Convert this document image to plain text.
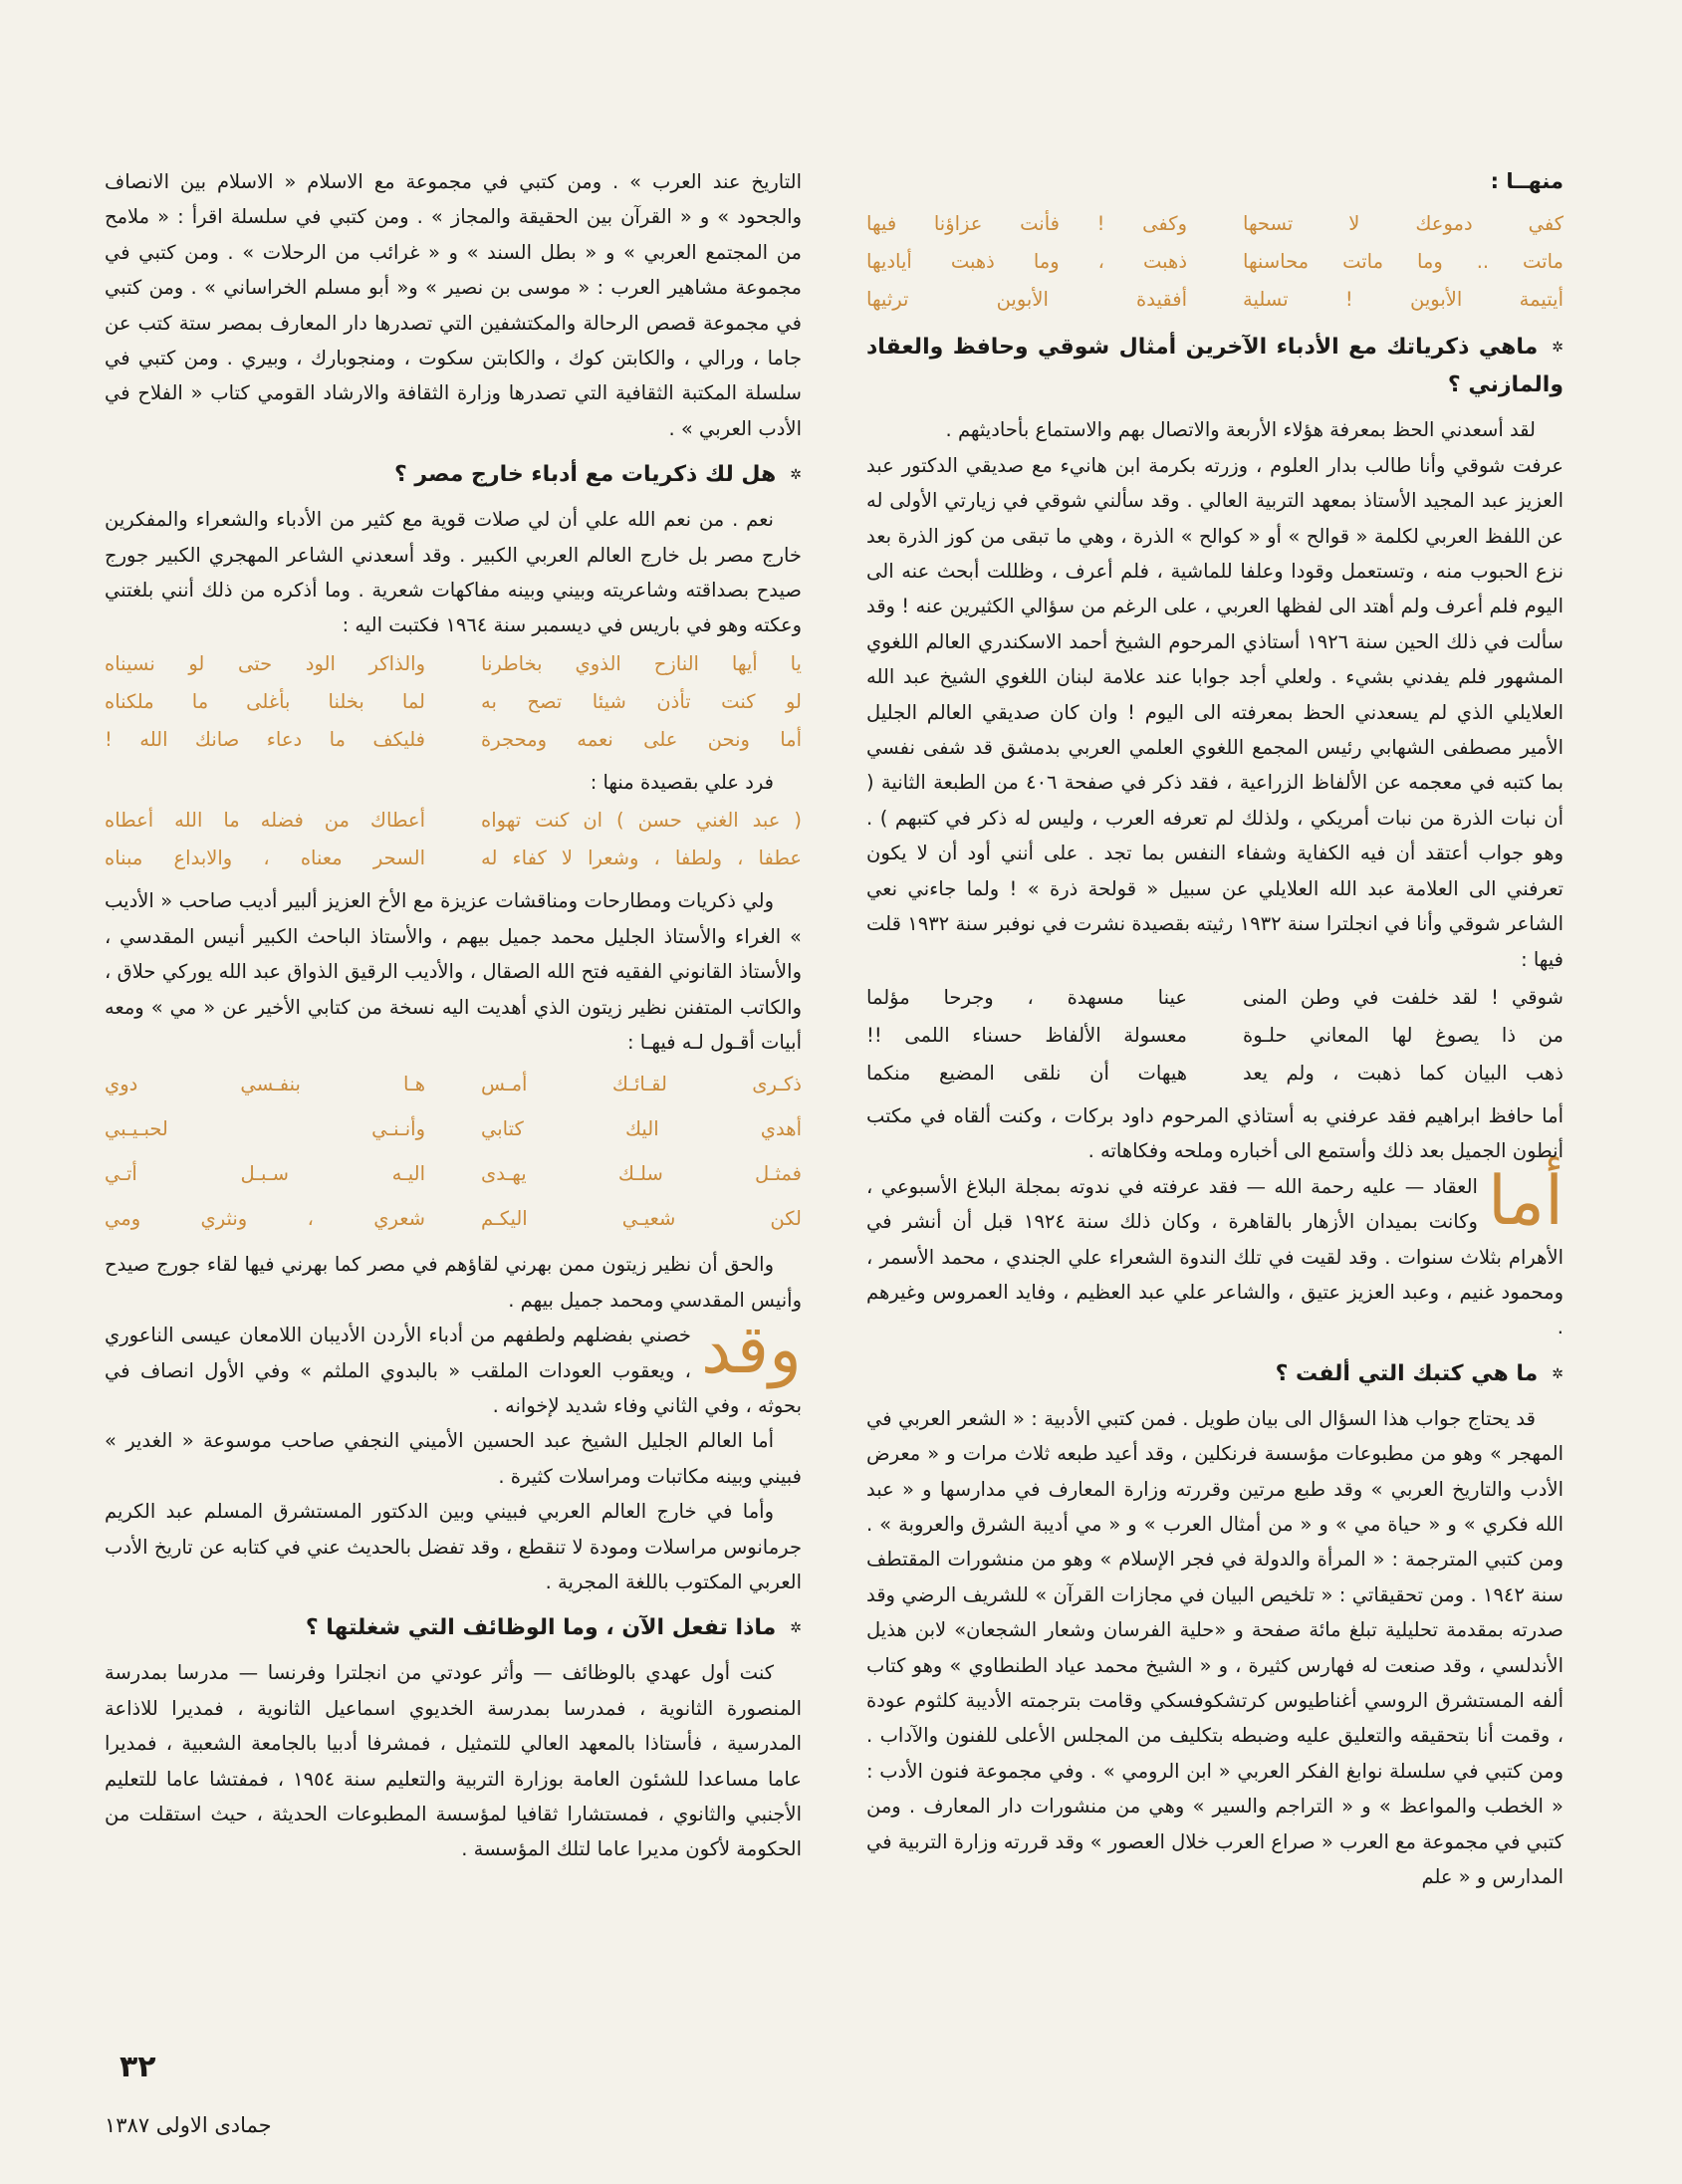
منهــا :
كفي دموعك لا تسحها
وكفى ! فأنت عزاؤنا فيها
ماتت .. وما ماتت محاسنها
ذهبت ، وما ذهبت أياديها
أيتيمة الأبوين ! تسلية
أفقيدة الأبوين ترثيها
✲ماهي ذكرياتك مع الأدباء الآخرين أمثال شوقي وحافظ والعقاد والمازني ؟

لقد أسعدني الحظ بمعرفة هؤلاء الأربعة والاتصال بهم والاستماع بأحاديثهم .

عرفت شوقي وأنا طالب بدار العلوم ، وزرته بكرمة ابن هانيء مع صديقي الدكتور عبد العزيز عبد المجيد الأستاذ بمعهد التربية العالي . وقد سألني شوقي في زيارتي الأولى له عن اللفظ العربي لكلمة « قوالح » أو « كوالح » الذرة ، وهي ما تبقى من كوز الذرة بعد نزع الحبوب منه ، وتستعمل وقودا وعلفا للماشية ، فلم أعرف ، وظللت أبحث عنه الى اليوم فلم أعرف ولم أهتد الى لفظها العربي ، على الرغم من سؤالي الكثيرين عنه ! وقد سألت في ذلك الحين سنة ١٩٢٦ أستاذي المرحوم الشيخ أحمد الاسكندري العالم اللغوي المشهور فلم يفدني بشيء . ولعلي أجد جوابا عند علامة لبنان اللغوي الشيخ عبد الله العلايلي الذي لم يسعدني الحظ بمعرفته الى اليوم ! وان كان صديقي العالم الجليل الأمير مصطفى الشهابي رئيس المجمع اللغوي العلمي العربي بدمشق قد شفى نفسي بما كتبه في معجمه عن الألفاظ الزراعية ، فقد ذكر في صفحة ٤٠٦ من الطبعة الثانية ( أن نبات الذرة من نبات أمريكي ، ولذلك لم تعرفه العرب ، وليس له ذكر في كتبهم ) . وهو جواب أعتقد أن فيه الكفاية وشفاء النفس بما تجد . على أنني أود أن لا يكون تعرفني الى العلامة عبد الله العلايلي عن سبيل « قولحة ذرة » ! ولما جاءني نعي الشاعر شوقي وأنا في انجلترا سنة ١٩٣٢ رثيته بقصيدة نشرت في نوفبر سنة ١٩٣٢ قلت فيها :

شوقي ! لقد خلفت في وطن المنى
عينا مسهدة ، وجرحا مؤلما
من ذا يصوغ لها المعاني حلـوة
معسولة الألفاظ حسناء اللمى !!
ذهب البيان كما ذهبت ، ولم يعد
هيهات أن نلقى المضيع منكما

أما حافظ ابراهيم فقد عرفني به أستاذي المرحوم داود بركات ، وكنت ألقاه في مكتب أنطون الجميل بعد ذلك وأستمع الى أخباره وملحه وفكاهاته .

أما
العقاد — عليه رحمة الله — فقد عرفته في ندوته بمجلة البلاغ الأسبوعي ، وكانت بميدان الأزهار بالقاهرة ، وكان ذلك سنة ١٩٢٤ قبل أن أنشر في الأهرام بثلاث سنوات . وقد لقيت في تلك الندوة الشعراء علي الجندي ، محمد الأسمر ، ومحمود غنيم ، وعبد العزيز عتيق ، والشاعر علي عبد العظيم ، وفايد العمروس وغيرهم .

✲ما هي كتبك التي ألفت ؟

قد يحتاج جواب هذا السؤال الى بيان طويل . فمن كتبي الأدبية : « الشعر العربي في المهجر » وهو من مطبوعات مؤسسة فرنكلين ، وقد أعيد طبعه ثلاث مرات و « معرض الأدب والتاريخ العربي » وقد طبع مرتين وقررته وزارة المعارف في مدارسها و « عبد الله فكري » و « حياة مي » و « من أمثال العرب » و « مي أديبة الشرق والعروبة » . ومن كتبي المترجمة : « المرأة والدولة في فجر الإسلام » وهو من منشورات المقتطف سنة ١٩٤٢ . ومن تحقيقاتي : « تلخيص البيان في مجازات القرآن » للشريف الرضي وقد صدرته بمقدمة تحليلية تبلغ مائة صفحة و «حلية الفرسان وشعار الشجعان» لابن هذيل الأندلسي ، وقد صنعت له فهارس كثيرة ، و « الشيخ محمد عياد الطنطاوي » وهو كتاب ألفه المستشرق الروسي أغناطيوس كرتشكوفسكي وقامت بترجمته الأديبة كلثوم عودة ، وقمت أنا بتحقيقه والتعليق عليه وضبطه بتكليف من المجلس الأعلى للفنون والآداب . ومن كتبي في سلسلة نوابغ الفكر العربي « ابن الرومي » . وفي مجموعة فنون الأدب : « الخطب والمواعظ » و « التراجم والسير » وهي من منشورات دار المعارف . ومن كتبي في مجموعة مع العرب « صراع العرب خلال العصور » وقد قررته وزارة التربية في المدارس و « علم

التاريخ عند العرب » . ومن كتبي في مجموعة مع الاسلام « الاسلام بين الانصاف والجحود » و « القرآن بين الحقيقة والمجاز » . ومن كتبي في سلسلة اقرأ : « ملامح من المجتمع العربي » و « بطل السند » و « غرائب من الرحلات » . ومن كتبي في مجموعة مشاهير العرب : « موسى بن نصير » و« أبو مسلم الخراساني » . ومن كتبي في مجموعة قصص الرحالة والمكتشفين التي تصدرها دار المعارف بمصر ستة كتب عن جاما ، ورالي ، والكابتن كوك ، والكابتن سكوت ، ومنجوبارك ، وبيري . ومن كتبي في سلسلة المكتبة الثقافية التي تصدرها وزارة الثقافة والارشاد القومي كتاب « الفلاح في الأدب العربي » .

✲هل لك ذكريات مع أدباء خارج مصر ؟

نعم . من نعم الله علي أن لي صلات قوية مع كثير من الأدباء والشعراء والمفكرين خارج مصر بل خارج العالم العربي الكبير . وقد أسعدني الشاعر المهجري الكبير جورج صيدح بصداقته وشاعريته وبيني وبينه مفاكهات شعرية . وما أذكره من ذلك أنني بلغتني وعكته وهو في باريس في ديسمبر سنة ١٩٦٤ فكتبت اليه :

يا أيها النازح الذوي بخاطرنا
والذاكر الود حتى لو نسيناه
لو كنت تأذن شيئا تصح به
لما بخلنا بأغلى ما ملكناه
أما ونحن على نعمه ومحجرة
فليكف ما دعاء صانك الله !

فرد علي بقصيدة منها :

( عبد الغني حسن ) ان كنت تهواه
أعطاك من فضله ما الله أعطاه
عطفا ، ولطفا ، وشعرا لا كفاء له
السحر معناه ، والابداع مبناه

ولي ذكريات ومطارحات ومناقشات عزيزة مع الأخ العزيز ألبير أديب صاحب « الأديب » الغراء والأستاذ الجليل محمد جميل بيهم ، والأستاذ الباحث الكبير أنيس المقدسي ، والأستاذ القانوني الفقيه فتح الله الصقال ، والأديب الرقيق الذواق عبد الله يوركي حلاق ، والكاتب المتفنن نظير زيتون الذي أهديت اليه نسخة من كتابي الأخير عن « مي » ومعه أبيات أقـول لـه فيهـا :

ذكـرى لقـائـك أمـس
هـا بنفـسي دوي
أهدي اليك كتابي
وأنـنـي لحبـيـبي
فمثـل سلـك يهـدى
اليـه سـبـل أتـي
لكن شعيـي اليكـم
شعري ، ونثري ومي

والحق أن نظير زيتون ممن بهرني لقاؤهم في مصر كما بهرني فيها لقاء جورج صيدح وأنيس المقدسي ومحمد جميل بيهم .

وقد
خصني بفضلهم ولطفهم من أدباء الأردن الأديبان اللامعان عيسى الناعوري ، ويعقوب العودات الملقب « بالبدوي الملثم » وفي الأول انصاف في بحوثه ، وفي الثاني وفاء شديد لإخوانه .

أما العالم الجليل الشيخ عبد الحسين الأميني النجفي صاحب موسوعة « الغدير » فبيني وبينه مكاتبات ومراسلات كثيرة .

وأما في خارج العالم العربي فبيني وبين الدكتور المستشرق المسلم عبد الكريم جرمانوس مراسلات ومودة لا تنقطع ، وقد تفضل بالحديث عني في كتابه عن تاريخ الأدب العربي المكتوب باللغة المجرية .

✲ماذا تفعل الآن ، وما الوظائف التي شغلتها ؟

كنت أول عهدي بالوظائف — وأثر عودتي من انجلترا وفرنسا — مدرسا بمدرسة المنصورة الثانوية ، فمدرسا بمدرسة الخديوي اسماعيل الثانوية ، فمديرا للاذاعة المدرسية ، فأستاذا بالمعهد العالي للتمثيل ، فمشرفا أدبيا بالجامعة الشعبية ، فمديرا عاما مساعدا للشئون العامة بوزارة التربية والتعليم سنة ١٩٥٤ ، فمفتشا عاما للتعليم الأجنبي والثانوي ، فمستشارا ثقافيا لمؤسسة المطبوعات الحديثة ، حيث استقلت من الحكومة لأكون مديرا عاما لتلك المؤسسة .

٣٢
جمادى الاولى ١٣٨٧
